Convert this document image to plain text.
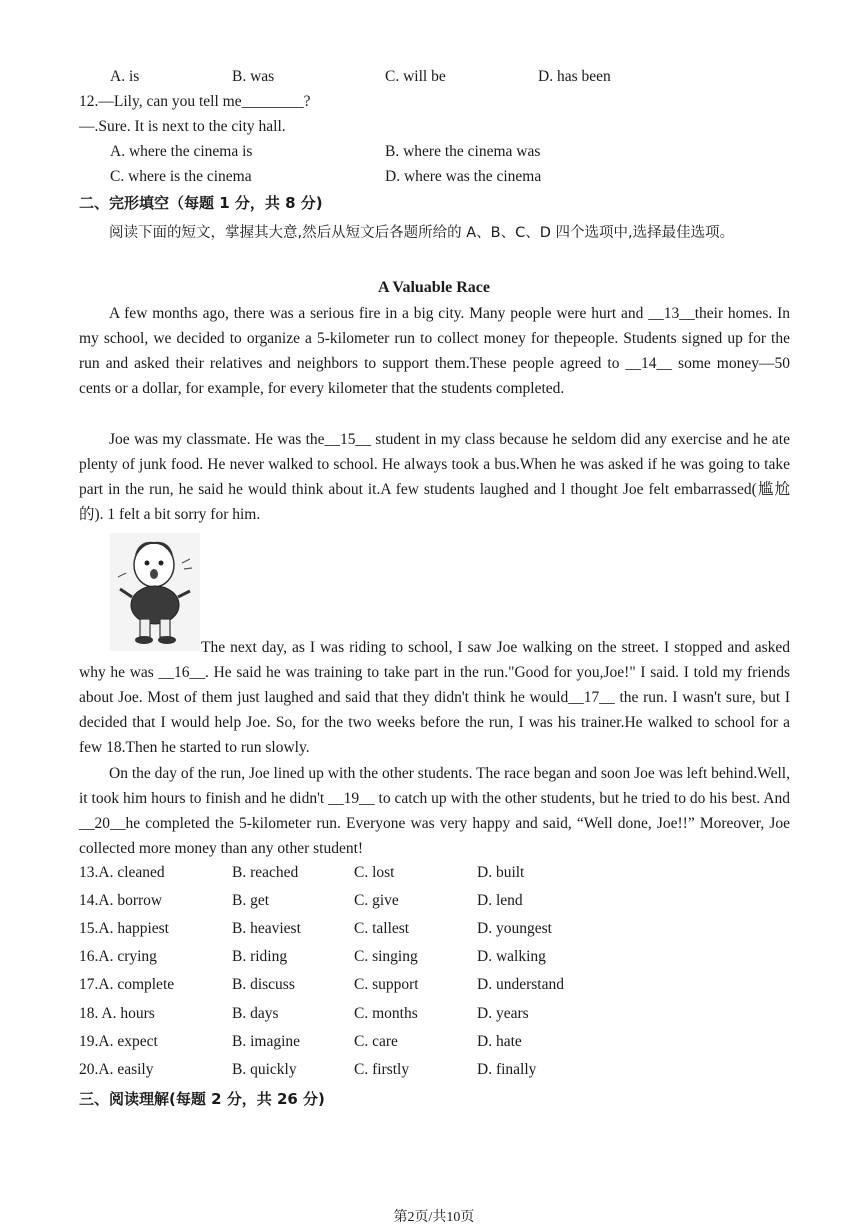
A. is	B. was	C. will be	D. has been
12.—Lily, can you tell me________?
—.Sure. It is next to the city hall.
A. where the cinema is	B. where the cinema was
C. where is the cinema	D. where was the cinema
二、完形填空（每题 1 分，共 8 分)
阅读下面的短文，掌握其大意,然后从短文后各题所给的 A、B、C、D 四个选项中,选择最佳选项。
A Valuable Race
A few months ago, there was a serious fire in a big city. Many people were hurt and __13__their homes. In my school, we decided to organize a 5-kilometer run to collect money for thepeople. Students signed up for the run and asked their relatives and neighbors to support them.These people agreed to __14__ some money—50 cents or a dollar, for example, for every kilometer that the students completed.
Joe was my classmate. He was the__15__ student in my class because he seldom did any exercise and he ate plenty of junk food. He never walked to school. He always took a bus.When he was asked if he was going to take part in the run, he said he would think about it.A few students laughed and l thought Joe felt embarrassed(尴尬的). 1 felt a bit sorry for him.
The next day, as I was riding to school, I saw Joe walking on the street. I stopped and asked why he was __16__. He said he was training to take part in the run."Good for you,Joe!" I said. I told my friends about Joe. Most of them just laughed and said that they didn't think he would__17__ the run. I wasn't sure, but I decided that I would help Joe. So, for the two weeks before the run, I was his trainer.He walked to school for a few 18.Then he started to run slowly.
On the day of the run, Joe lined up with the other students. The race began and soon Joe was left behind.Well, it took him hours to finish and he didn't __19__ to catch up with the other students, but he tried to do his best. And __20__he completed the 5-kilometer run. Everyone was very happy and said, “Well done, Joe!!” Moreover, Joe collected more money than any other student!
13.A. cleaned	B. reached	C. lost	D. built
14.A. borrow	B. get	C. give	D. lend
15.A. happiest	B. heaviest	C. tallest	D. youngest
16.A. crying	B. riding	C. singing	D. walking
17.A. complete	B. discuss	C. support	D. understand
18. A. hours	B. days	C. months	D. years
19.A. expect	B. imagine	C. care	D. hate
20.A. easily	B. quickly	C. firstly	D. finally
三、阅读理解(每题 2 分，共 26 分)
第2页/共10页
